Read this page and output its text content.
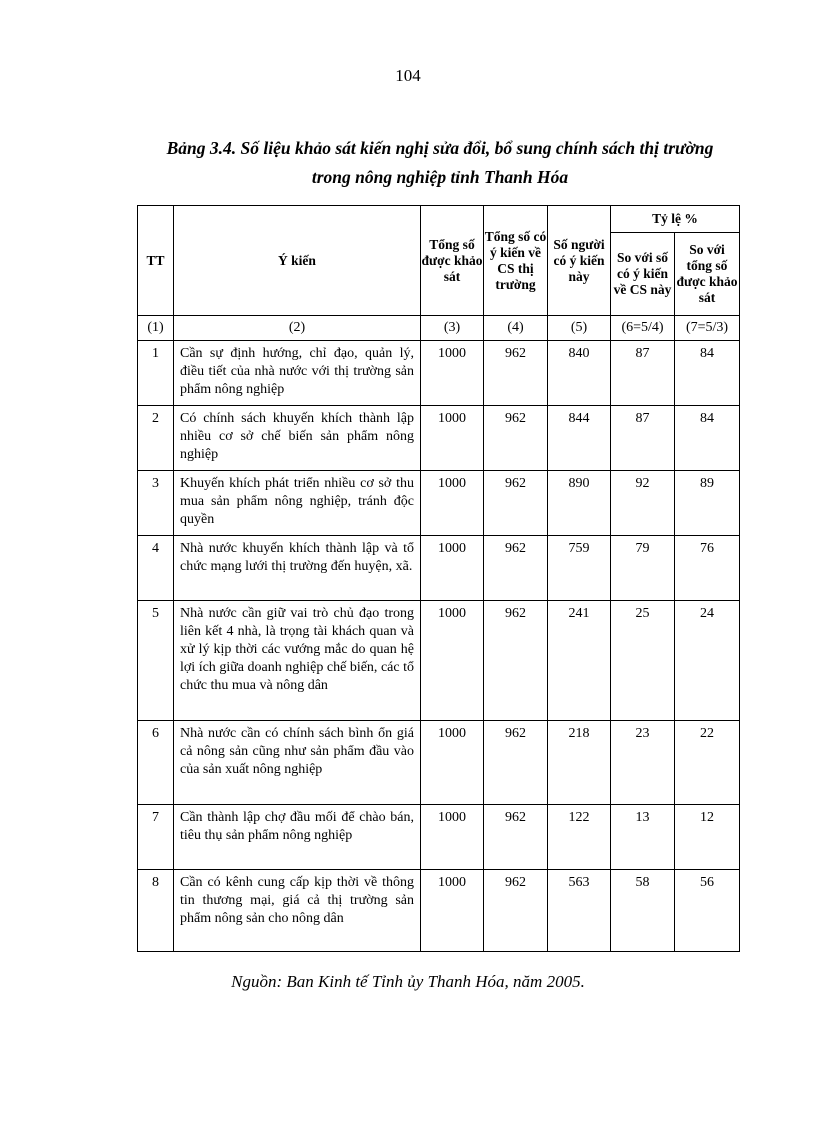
104
Bảng 3.4. Số liệu khảo sát kiến nghị sửa đổi, bổ sung chính sách thị trường
trong nông nghiệp tỉnh Thanh Hóa
TT	Ý kiến	Tổng số được khảo sát	Tổng số có ý kiến về CS thị trường	Số người có ý kiến này	Tỷ lệ %	
					So với số có ý kiến về CS này	So với tổng số được khảo sát
(1)	(2)	(3)	(4)	(5)	(6=5/4)	(7=5/3)
1	Cần sự định hướng, chỉ đạo, quản lý, điều tiết của nhà nước với thị trường sản phẩm nông nghiệp	1000	962	840	87	84
2	Có chính sách khuyến khích thành lập nhiều cơ sở chế biến sản phẩm nông nghiệp	1000	962	844	87	84
3	Khuyến khích phát triển nhiều cơ sở thu mua sản phẩm nông nghiệp, tránh độc quyền	1000	962	890	92	89
4	Nhà nước khuyến khích thành lập và tổ chức mạng lưới thị trường đến huyện, xã.	1000	962	759	79	76
5	Nhà nước cần giữ vai trò chủ đạo trong liên kết 4 nhà, là trọng tài khách quan và xử lý kịp thời các vướng mắc do quan hệ lợi ích giữa doanh nghiệp chế biến, các tổ chức thu mua và nông dân	1000	962	241	25	24
6	Nhà nước cần có chính sách bình ổn giá cả nông sản cũng như sản phẩm đầu vào của sản xuất nông nghiệp	1000	962	218	23	22
7	Cần thành lập chợ đầu mối để chào bán, tiêu thụ sản phẩm nông nghiệp	1000	962	122	13	12
8	Cần có kênh cung cấp kịp thời về thông tin thương mại, giá cả thị trường sản phẩm nông sản cho nông dân	1000	962	563	58	56
Nguồn: Ban Kinh tế Tỉnh ủy Thanh Hóa, năm 2005.
